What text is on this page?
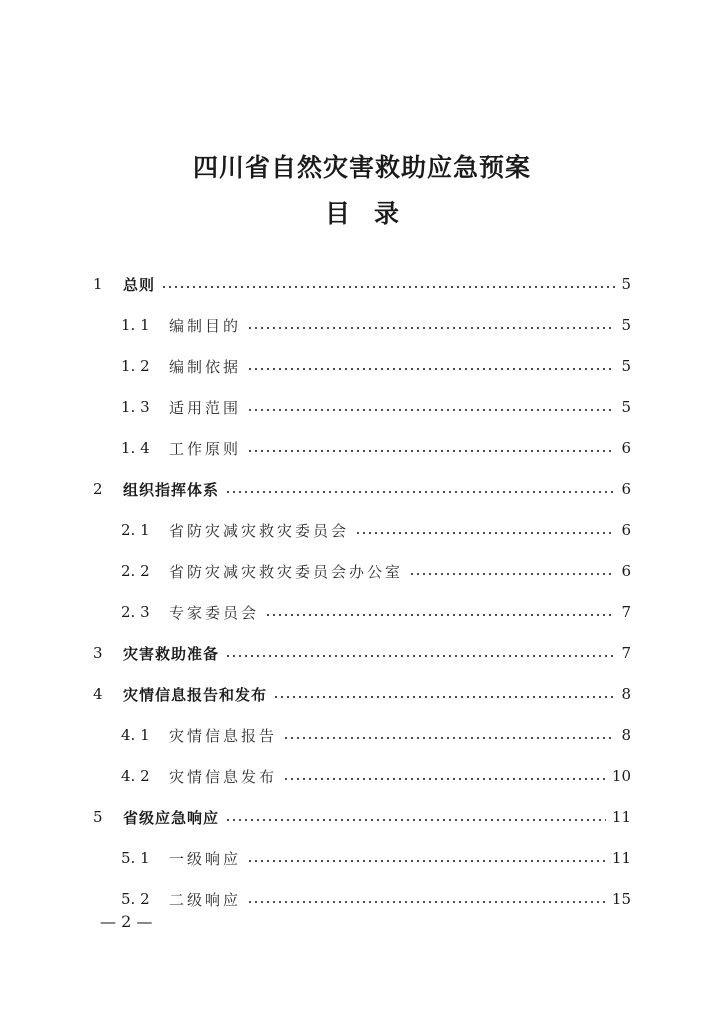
四川省自然灾害救助应急预案
目录
1	总则	5
1. 1	编制目的	5
1. 2	编制依据	5
1. 3	适用范围	5
1. 4	工作原则	6
2	组织指挥体系	6
2. 1	省防灾减灾救灾委员会	6
2. 2	省防灾减灾救灾委员会办公室	6
2. 3	专家委员会	7
3	灾害救助准备	7
4	灾情信息报告和发布	8
4. 1	灾情信息报告	8
4. 2	灾情信息发布	10
5	省级应急响应	11
5. 1	一级响应	11
5. 2	二级响应	15
— 2 —
